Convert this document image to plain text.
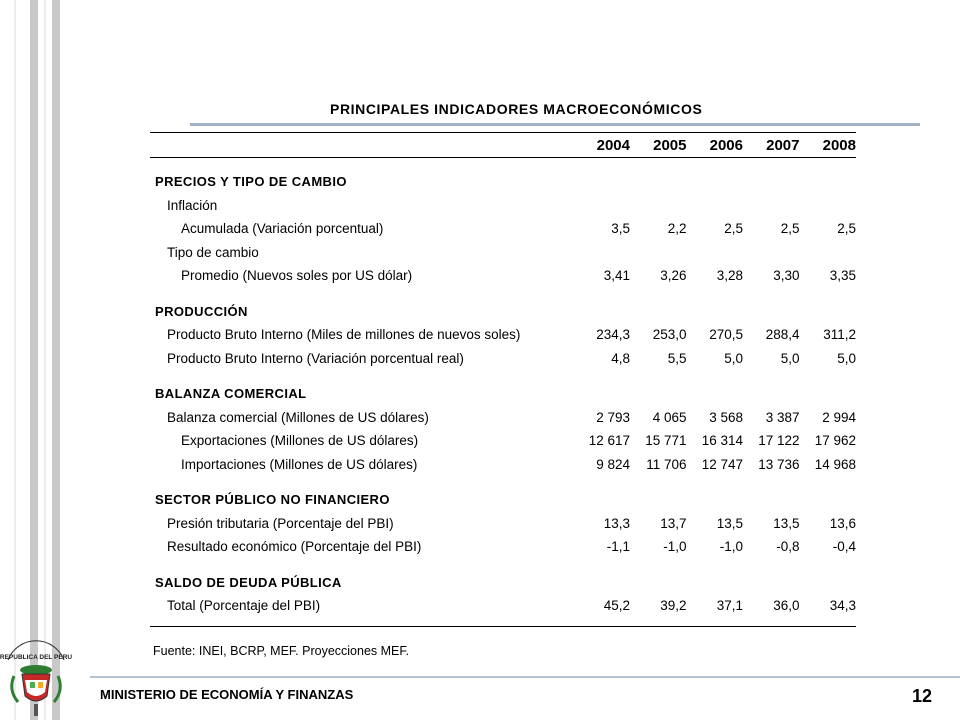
PRINCIPALES INDICADORES MACROECONÓMICOS
2004	2005	2006	2007	2008
PRECIOS Y TIPO DE CAMBIO
Inflación
Acumulada (Variación porcentual)	3,5	2,2	2,5	2,5	2,5
Tipo de cambio
Promedio (Nuevos soles por US dólar)	3,41	3,26	3,28	3,30	3,35
PRODUCCIÓN
Producto Bruto Interno (Miles de millones de nuevos soles)	234,3	253,0	270,5	288,4	311,2
Producto Bruto Interno (Variación porcentual real)	4,8	5,5	5,0	5,0	5,0
BALANZA COMERCIAL
Balanza comercial (Millones de US dólares)	2 793	4 065	3 568	3 387	2 994
Exportaciones (Millones de US dólares)	12 617	15 771	16 314	17 122	17 962
Importaciones (Millones de US dólares)	9 824	11 706	12 747	13 736	14 968
SECTOR PÚBLICO NO FINANCIERO
Presión tributaria (Porcentaje del PBI)	13,3	13,7	13,5	13,5	13,6
Resultado económico (Porcentaje del PBI)	-1,1	-1,0	-1,0	-0,8	-0,4
SALDO DE DEUDA PÚBLICA
Total (Porcentaje del PBI)	45,2	39,2	37,1	36,0	34,3
Fuente: INEI, BCRP, MEF. Proyecciones MEF.
REPUBLICA DEL PERU
MINISTERIO DE ECONOMÍA Y FINANZAS	12
